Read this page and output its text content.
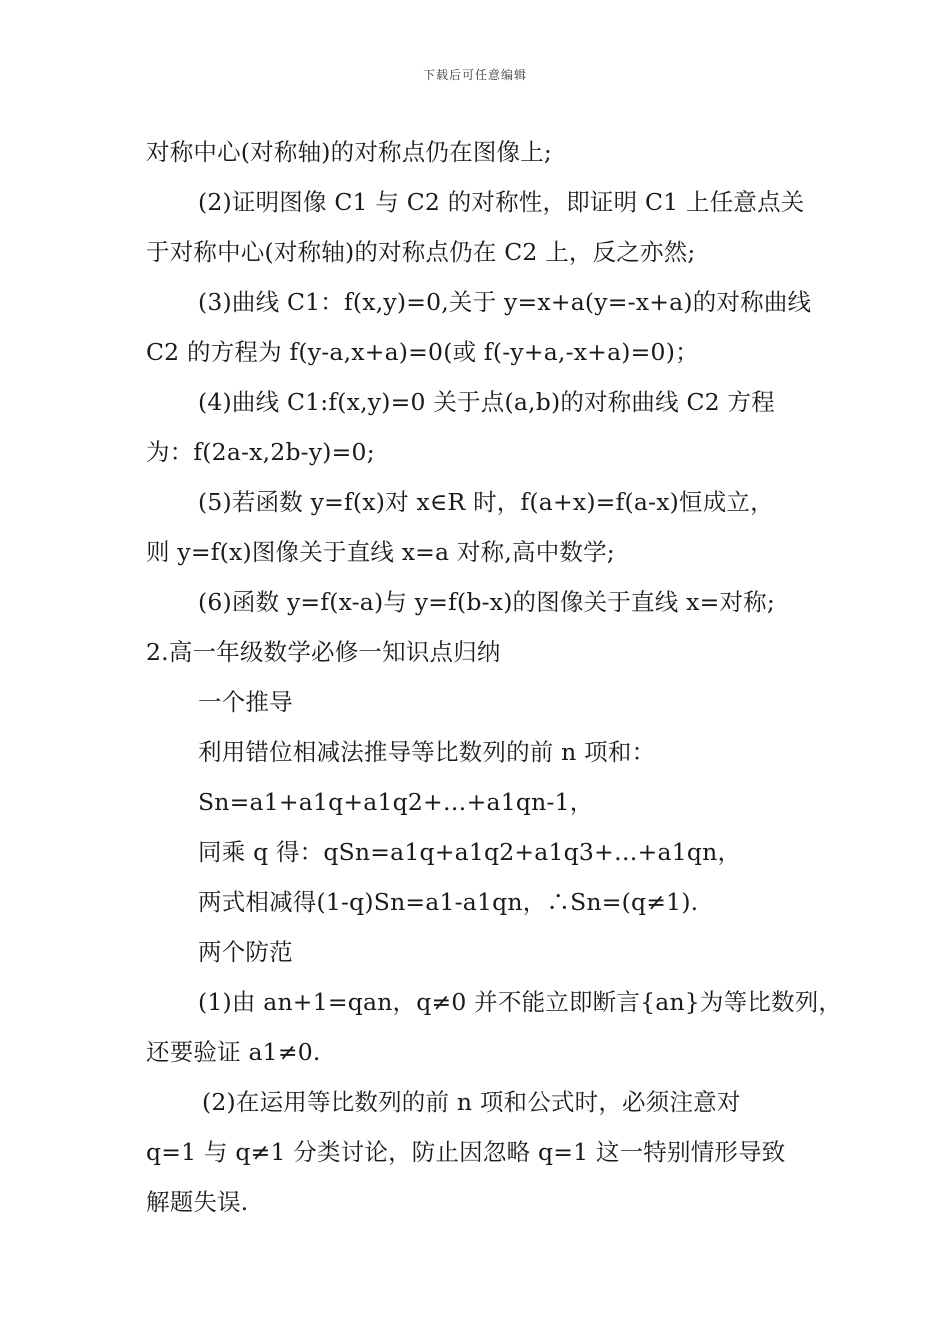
下载后可任意编辑
对称中心(对称轴)的对称点仍在图像上;
(2)证明图像 C1 与 C2 的对称性，即证明 C1 上任意点关
于对称中心(对称轴)的对称点仍在 C2 上，反之亦然;
(3)曲线 C1：f(x,y)=0,关于 y=x+a(y=-x+a)的对称曲线
C2 的方程为 f(y-a,x+a)=0(或 f(-y+a,-x+a)=0)；
(4)曲线 C1:f(x,y)=0 关于点(a,b)的对称曲线 C2 方程
为：f(2a-x,2b-y)=0;
(5)若函数 y=f(x)对 x∈R 时，f(a+x)=f(a-x)恒成立，
则 y=f(x)图像关于直线 x=a 对称,高中数学;
(6)函数 y=f(x-a)与 y=f(b-x)的图像关于直线 x=对称;
2.高一年级数学必修一知识点归纳
一个推导
利用错位相减法推导等比数列的前 n 项和：
Sn=a1+a1q+a1q2+…+a1qn-1，
同乘 q 得：qSn=a1q+a1q2+a1q3+…+a1qn，
两式相减得(1-q)Sn=a1-a1qn，∴Sn=(q≠1).
两个防范
(1)由 an+1=qan，q≠0 并不能立即断言{an}为等比数列，
还要验证 a1≠0.
(2)在运用等比数列的前 n 项和公式时，必须注意对
q=1 与 q≠1 分类讨论，防止因忽略 q=1 这一特别情形导致
解题失误.
